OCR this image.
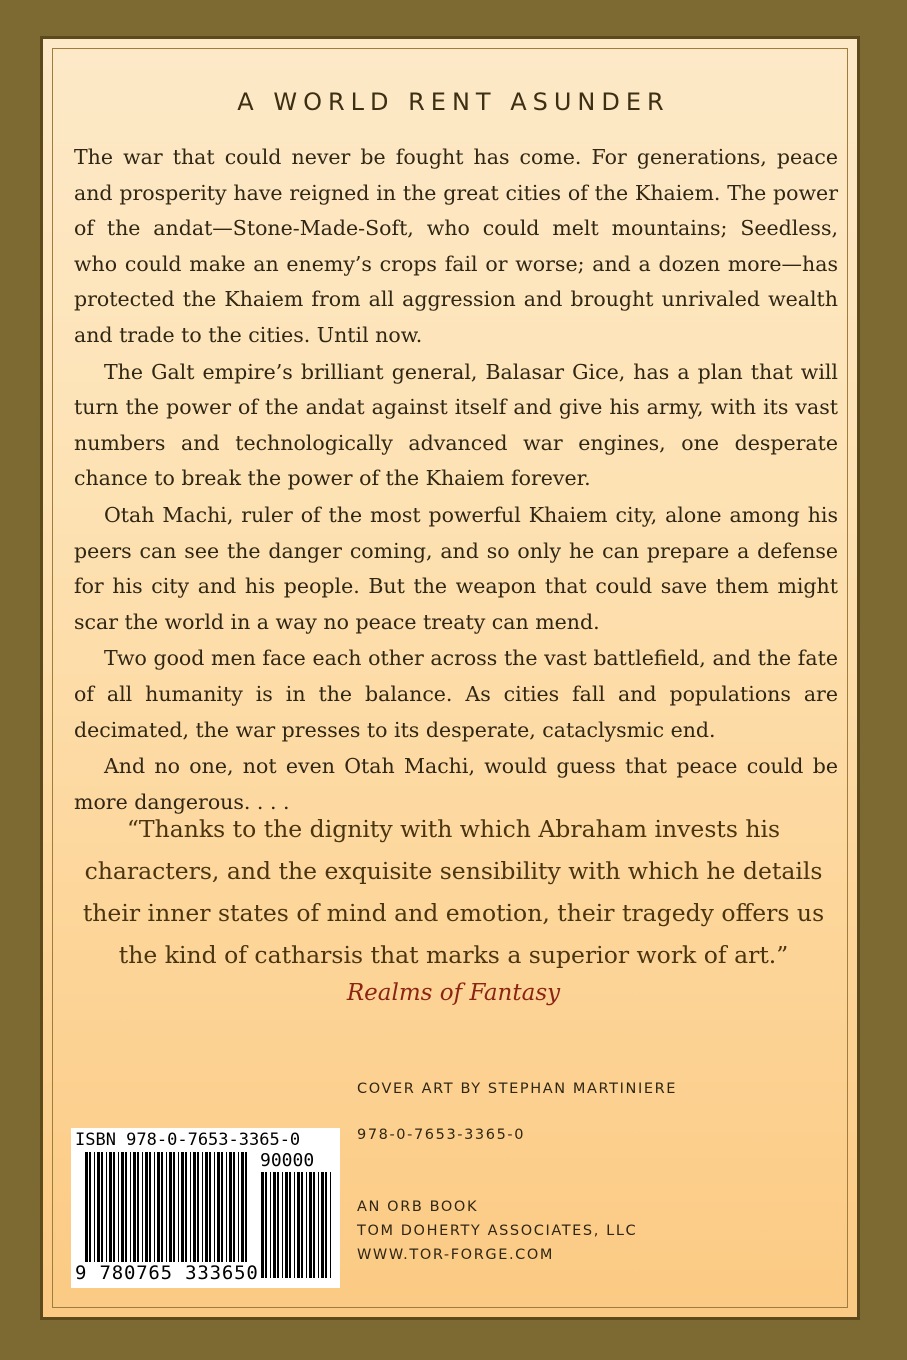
A WORLD RENT ASUNDER

The war that could never be fought has come. For generations, peace and prosperity have reigned in the great cities of the Khaiem. The power of the andat—Stone-Made-Soft, who could melt mountains; Seedless, who could make an enemy’s crops fail or worse; and a dozen more—has protected the Khaiem from all aggression and brought unrivaled wealth and trade to the cities. Until now.

The Galt empire’s brilliant general, Balasar Gice, has a plan that will turn the power of the andat against itself and give his army, with its vast numbers and technologically advanced war engines, one desperate chance to break the power of the Khaiem forever.

Otah Machi, ruler of the most powerful Khaiem city, alone among his peers can see the danger coming, and so only he can prepare a defense for his city and his people. But the weapon that could save them might scar the world in a way no peace treaty can mend.

Two good men face each other across the vast battlefield, and the fate of all humanity is in the balance. As cities fall and populations are decimated, the war presses to its desperate, cataclysmic end.

And no one, not even Otah Machi, would guess that peace could be more dangerous. . . .

“Thanks to the dignity with which Abraham invests his characters, and the exquisite sensibility with which he details their inner states of mind and emotion, their tragedy offers us the kind of catharsis that marks a superior work of art.”
Realms of Fantasy
COVER ART BY STEPHAN MARTINIERE
978-0-7653-3365-0
AN ORB BOOK
TOM DOHERTY ASSOCIATES, LLC
WWW.TOR-FORGE.COM
ISBN 978-0-7653-3365-0
90000
9 780765 333650
